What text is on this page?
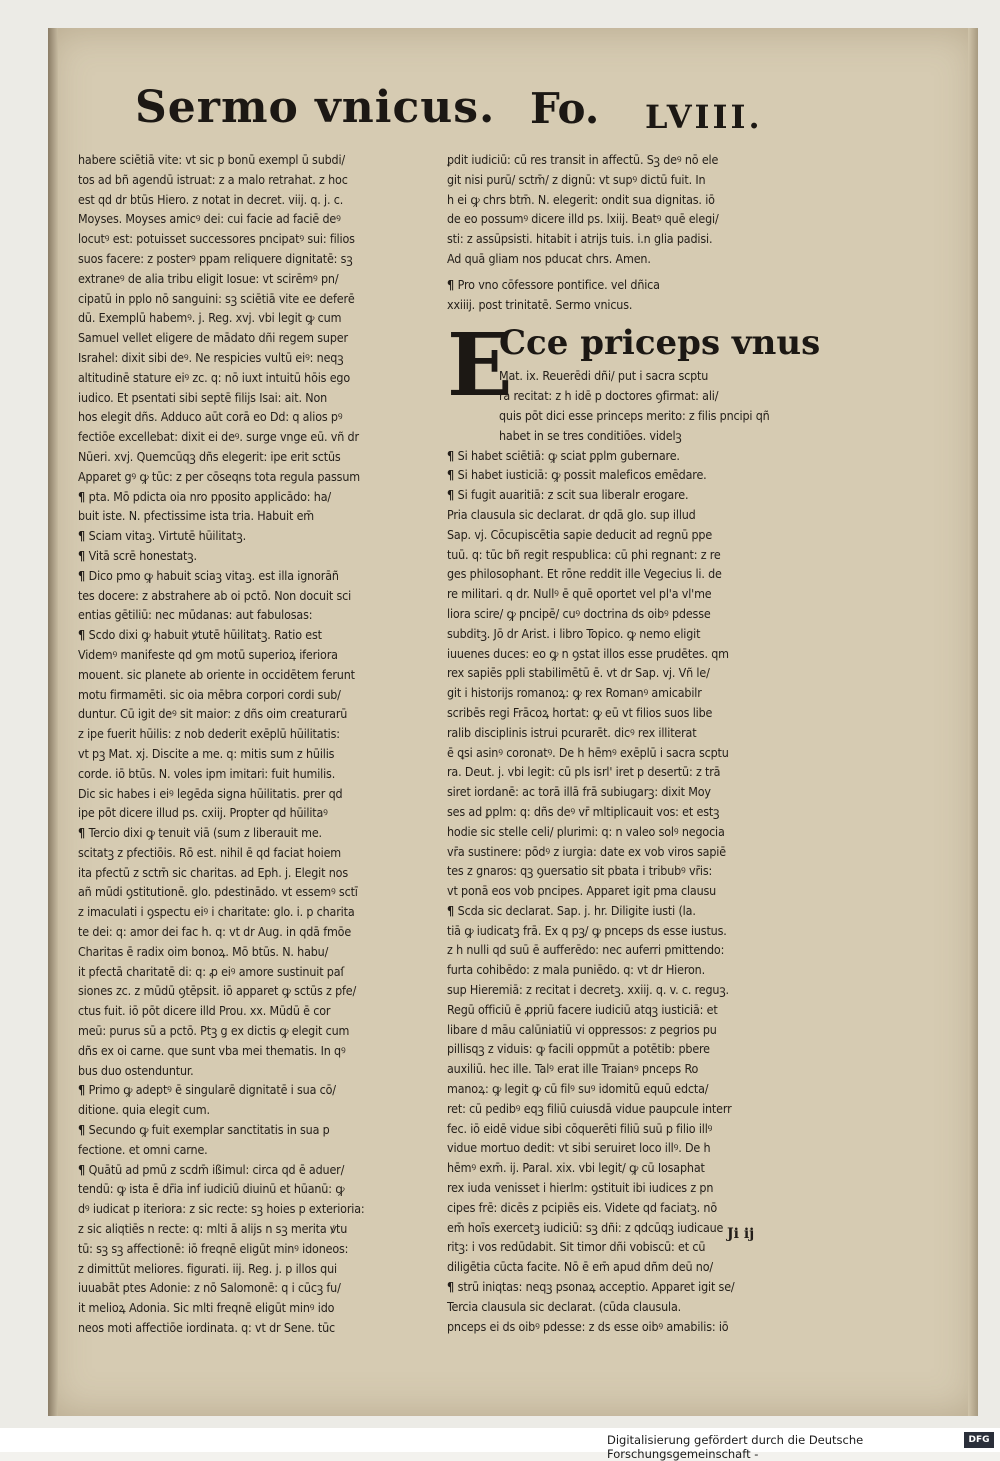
Sermo vnicus. Fo. LVIII.
habere sciētiā vite: vt sic p bonū exempl ū subdi/
tos ad bñ agendū istruat: z a malo retrahat. z hoc
est qd dr btūs Hiero. z notat in decret. viij. q. j. c.
Moyses. Moyses amicꝰ dei: cui facie ad faciē deꝰ
locutꝰ est: potuisset successores pncipatꝰ sui: filios
suos facere: z posterꝰ ppam reliquere dignitatē: sꝫ
extraneꝰ de alia tribu eligit Iosue: vt scirēmꝰ pn/
cipatū in pplo nō sanguini: sꝫ sciētiā vite ee deferē
dū. Exemplū habemꝰ. j. Reg. xvj. vbi legit ꝙ cum
Samuel vellet eligere de mādato dñi regem super
Israhel: dixit sibi deꝰ. Ne respicies vultū eiꝰ: neqꝫ
altitudinē stature eiꝰ zc. q: nō iuxt intuitū hōis ego
iudico. Et psentati sibi septē filijs Isai: ait. Non
hos elegit dñs. Adduco aūt corā eo Dd: q alios pꝰ
fectiōe excellebat: dixit ei deꝰ. surge vnge eū. vñ dr
Nūeri. xvj. Quemcūqꝫ dñs elegerit: ipe erit sctūs
Apparet gꝰ ꝙ tūc: z per cōseqns tota regula passum
¶ pta. Mō pdicta oia nro pposito applicādo: ha/
buit iste. N. pfectissime ista tria. Habuit em̄
¶ Sciam vitaꝫ. Virtutē hūilitatꝫ.
¶ Vitā scrē honestatꝫ.
¶ Dico pmo ꝙ habuit sciaꝫ vitaꝫ. est illa ignorāñ
tes docere: z abstrahere ab oi pctō. Non docuit sci
entias gētiliū: nec mūdanas: aut fabulosas:
¶ Scdo dixi ꝙ habuit ꝟtutē hūilitatꝫ. Ratio est
Videmꝰ manifeste qd ꝯm motū superioꝝ iferiora
mouent. sic planete ab oriente in occidētem ferunt
motu firmamēti. sic oia mēbra corpori cordi sub/
duntur. Cū igit deꝰ sit maior: z dñs oim creaturarū
z ipe fuerit hūilis: z nob dederit exēplū hūilitatis:
vt pꝫ Mat. xj. Discite a me. q: mitis sum z hūilis
corde. iō btūs. N. voles ipm imitari: fuit humilis.
Dic sic habes i eiꝰ legēda signa hūilitatis. ꝑrer qd
ipe pōt dicere illud ps. cxiij. Propter qd hūilitaꝰ
¶ Tercio dixi ꝙ tenuit viā (sum z liberauit me.
scitatꝫ z pfectiōis. Rō est. nihil ē qd faciat hoiem
ita pfectū z sctm̄ sic charitas. ad Eph. j. Elegit nos
añ mūdi ꝯstitutionē. glo. pdestinādo. vt essemꝰ sctī
z imaculati i ꝯspectu eiꝰ i charitate: glo. i. p charita
te dei: q: amor dei fac h. q: vt dr Aug. in qdā fmōe
Charitas ē radix oim bonoꝝ. Mō btūs. N. habu/
it pfectā charitatē di: q: ꝓ eiꝰ amore sustinuit paſ
siones zc. z mūdū ꝯtēpsit. iō apparet ꝙ sctūs z pfe/
ctus fuit. iō pōt dicere illd Prou. xx. Mūdū ē cor
meū: purus sū a pctō. Ptꝫ g ex dictis ꝙ elegit cum
dñs ex oi carne. que sunt vba mei thematis. In qꝰ
bus duo ostenduntur.
¶ Primo ꝙ adeptꝰ ē singularē dignitatē i sua cō/
ditione. quia elegit cum.
¶ Secundo ꝙ fuit exemplar sanctitatis in sua p
fectione. et omni carne.
¶ Quātū ad pmū z scdm̄ ißimul: circa qd ē aduer/
tendū: ꝙ ista ē dr̄ia inf iudiciū diuinū et hūanū: ꝙ
dꝰ iudicat p iteriora: z sic recte: sꝫ hoies p exterioria:
z sic aliqtiēs n recte: q: mlti ā alijs n sꝫ merita ꝟtu
tū: sꝫ sꝫ affectionē: iō freqnē eligūt minꝰ idoneos:
z dimittūt meliores. figurati. iij. Reg. j. p illos qui
iuuabāt ptes Adonie: z nō Salomonē: q i cūcꝫ fu/
it melioꝝ Adonia. Sic mlti freqnē eligūt minꝰ ido
neos moti affectiōe iordinata. q: vt dr Sene. tūc
ꝑdit iudiciū: cū res transit in affectū. Sꝫ deꝰ nō ele
git nisi purū/ sctm̄/ z dignū: vt supꝰ dictū fuit. In
h ei ꝙ chrs btm̄. N. elegerit: ondit sua dignitas. iō
de eo possumꝰ dicere illd ps. lxiij. Beatꝰ quē elegi/
sti: z assūpsisti. hitabit i atrijs tuis. i.n glia padisi.
Ad quā gliam nos pducat chrs. Amen.
¶ Pro vno cōfessore pontifice. vel dñica
xxiiij. post trinitatē. Sermo vnicus.
E
Cce priceps vnus
Mat. ix. Reuerēdi dñi/ put i sacra scptu
ra recitat: z h idē p doctores ꝯfirmat: ali/
quis pōt dici esse princeps merito: z filis pncipi qñ
habet in se tres conditiōes. videlꝫ
¶ Si habet sciētiā: ꝙ sciat ꝑplm gubernare.
¶ Si habet iusticiā: ꝙ possit maleficos emēdare.
¶ Si fugit auaritiā: z scit sua liberalr erogare.
Pria clausula sic declarat. dr qdā glo. sup illud
Sap. vj. Cōcupiscētia sapie deducit ad regnū ppe
tuū. q: tūc bñ regit respublica: cū phi regnant: z re
ges philosophant. Et rōne reddit ille Vegecius li. de
re militari. q dr. Nullꝰ ē quē oportet vel pl'a vl'me
liora scire/ ꝙ pncipē/ cuꝰ doctrina ds oibꝰ pdesse
subditꝫ. Jō dr Arist. i libro Topico. ꝙ nemo eligit
iuuenes duces: eo ꝙ n ꝯstat illos esse prudētes. qm
rex sapiēs ppli stabilimētū ē. vt dr Sap. vj. Vñ le/
git i historijs romanoꝝ: ꝙ rex Romanꝰ amicabilr
scribēs regi Frācoꝝ hortat: ꝙ eū vt filios suos libe
ralib disciplinis istrui pcurarēt. dicꝰ rex illiterat
ē ꝗsi asinꝰ coronatꝰ. De h hēmꝰ exēplū i sacra scptu
ra. Deut. j. vbi legit: cū pls isrl' iret p desertū: z trā
siret iordanē: ac torā illā frā subiugarꝫ: dixit Moy
ses ad ꝑplm: q: dñs deꝰ vr̄ mltiplicauit vos: et estꝫ
hodie sic stelle celi/ plurimi: q: n valeo solꝰ negocia
vr̄a sustinere: pōdꝰ z iurgia: date ex vob viros sapiē
tes z gnaros: qꝫ ꝯuersatio sit pbata i tribubꝰ vr̄is:
vt ponā eos vob pncipes. Apparet igit pma clausu
¶ Scda sic declarat. Sap. j. hr. Diligite iusti (la.
tiā ꝙ iudicatꝫ frā. Ex q pꝫ/ ꝙ pnceps ds esse iustus.
z h nulli qd suū ē aufferēdo: nec auferri pmittendo:
furta cohibēdo: z mala puniēdo. q: vt dr Hieron.
sup Hieremiā: z recitat i decretꝫ. xxiij. q. v. c. reguꝫ.
Regū officiū ē ꝓpriū facere iudiciū atqꝫ iusticiā: et
libare d māu calūniatiū vi oppressos: z pegrios pu
pillisqꝫ z viduis: ꝙ facili oppmūt a potētib: pbere
auxiliū. hec ille. Talꝰ erat ille Traianꝰ pnceps Ro
manoꝝ: ꝙ legit ꝙ cū filꝰ suꝰ idomitū equū edcta/
ret: cū pedibꝰ eqꝫ filiū cuiusdā vidue paupcule interr
fec. iō eidē vidue sibi cōquerēti filiū suū p filio illꝰ
vidue mortuo dedit: vt sibi seruiret loco illꝰ. De h
hēmꝰ exm̄. ij. Paral. xix. vbi legit/ ꝙ cū Iosaphat
rex iuda venisset i hierlm: ꝯstituit ibi iudices z pn
cipes frē: dicēs z pcipiēs eis. Videte qd faciatꝫ. nō
em̄ hoīs exercetꝫ iudiciū: sꝫ dñi: z qdcūqꝫ iudicaue
ritꝫ: i vos redūdabit. Sit timor dñi vobiscū: et cū
diligētia cūcta facite. Nō ē em̄ apud dñm deū no/
¶ strū iniqtas: neqꝫ psonaꝝ acceptio. Apparet igit se/
Tercia clausula sic declarat. (cūda clausula.
pnceps ei ds oibꝰ pdesse: z ds esse oibꝰ amabilis: iō
Ji ij
Digitalisierung gefördert durch die Deutsche Forschungsgemeinschaft -
DFG
